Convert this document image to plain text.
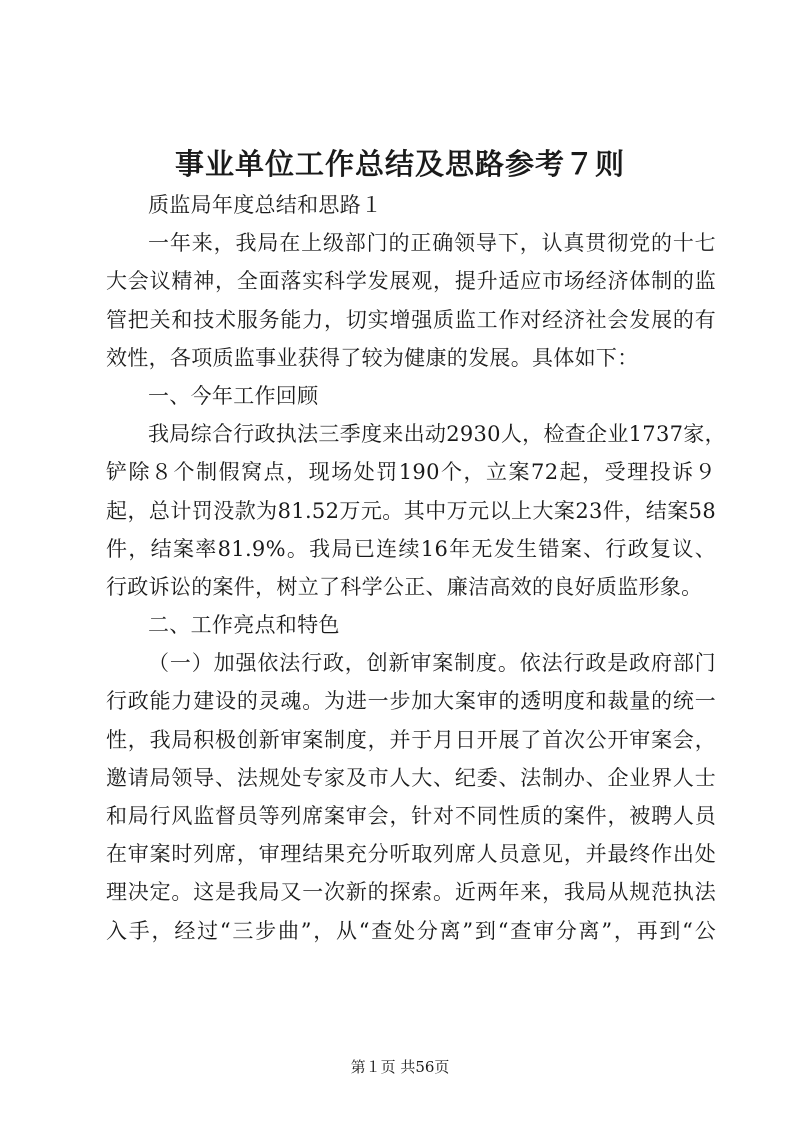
事业单位工作总结及思路参考７则
质监局年度总结和思路１
一年来，我局在上级部门的正确领导下，认真贯彻党的十七
大会议精神，全面落实科学发展观，提升适应市场经济体制的监
管把关和技术服务能力，切实增强质监工作对经济社会发展的有
效性，各项质监事业获得了较为健康的发展。具体如下：
一、今年工作回顾
我局综合行政执法三季度来出动2930人，检查企业1737家，
铲除８个制假窝点，现场处罚190个，立案72起，受理投诉９
起，总计罚没款为81.52万元。其中万元以上大案23件，结案58
件，结案率81.9%。我局已连续16年无发生错案、行政复议、
行政诉讼的案件，树立了科学公正、廉洁高效的良好质监形象。
二、工作亮点和特色
（一）加强依法行政，创新审案制度。依法行政是政府部门
行政能力建设的灵魂。为进一步加大案审的透明度和裁量的统一
性，我局积极创新审案制度，并于月日开展了首次公开审案会，
邀请局领导、法规处专家及市人大、纪委、法制办、企业界人士
和局行风监督员等列席案审会，针对不同性质的案件，被聘人员
在审案时列席，审理结果充分听取列席人员意见，并最终作出处
理决定。这是我局又一次新的探索。近两年来，我局从规范执法
入手，经过“三步曲”，从“查处分离”到“查审分离”，再到“公
第１页 共56页
